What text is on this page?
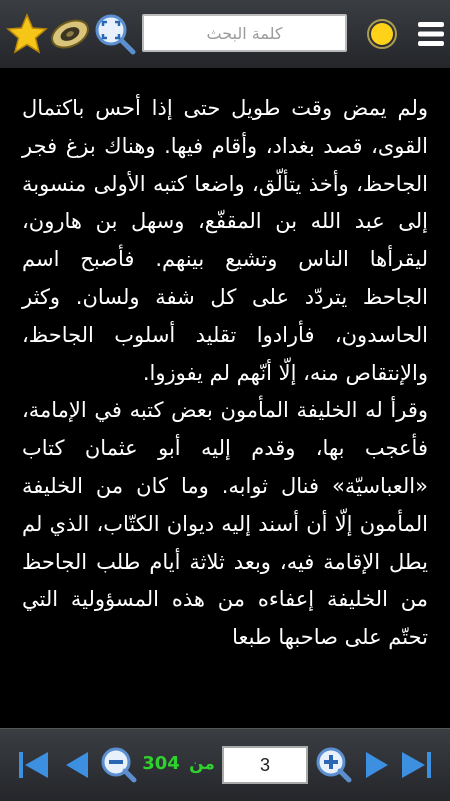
كلمة البحث
ولم يمض وقت طويل حتى إذا أحس باكتمال القوى، قصد بغداد، وأقام فيها. وهناك بزغ فجر الجاحظ، وأخذ يتألّق، واضعا كتبه الأولى منسوبة إلى عبد الله بن المقفّع، وسهل بن هارون، ليقرأها الناس وتشيع بينهم. فأصبح اسم الجاحظ يتردّد على كل شفة ولسان. وكثر الحاسدون، فأرادوا تقليد أسلوب الجاحظ، والإنتقاص منه، إلّا أنّهم لم يفوزوا.
وقرأ له الخليفة المأمون بعض كتبه في الإمامة، فأعجب بها، وقدم إليه أبو عثمان كتاب «العباسيّة» فنال ثوابه. وما كان من الخليفة المأمون إلّا أن أسند إليه ديوان الكتّاب، الذي لم يطل الإقامة فيه، وبعد ثلاثة أيام طلب الجاحظ من الخليفة إعفاءه من هذه المسؤولية التي تحتّم على صاحبها طبعا
304 من
3
